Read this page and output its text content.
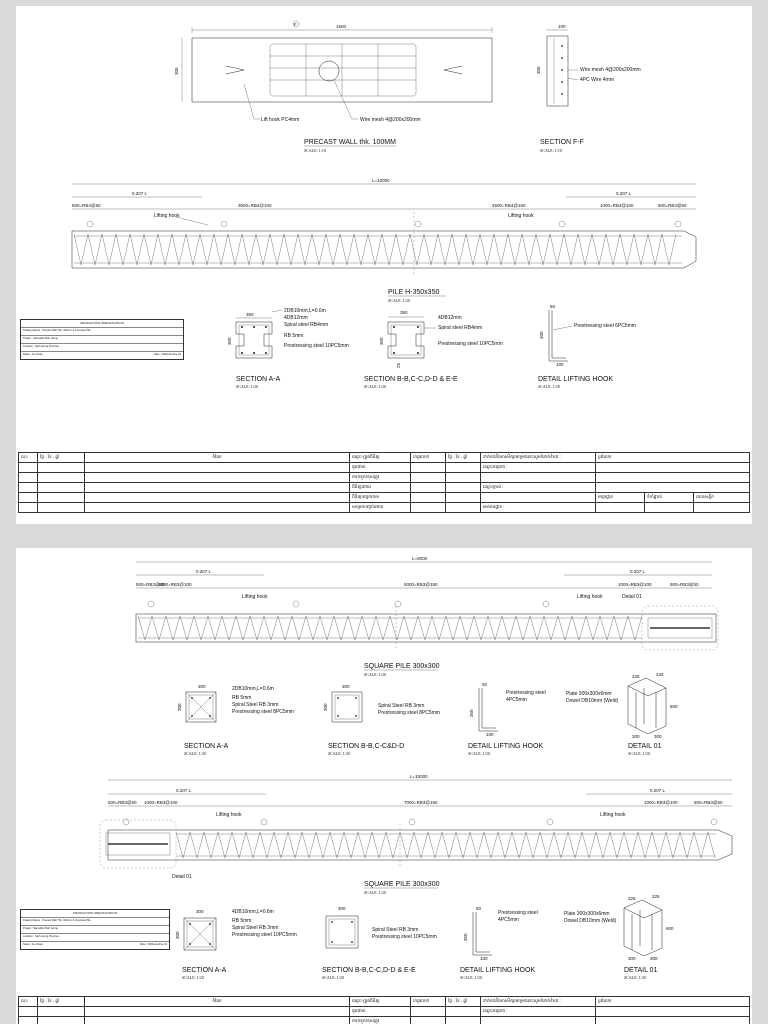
1500
F
300
Lift hook PC4mm	Wire mesh 4@200x200mm
PRECAST WALL thk. 100MM
SCALE: 1/10
100
300	Wire mesh 4@200x200mm
4PC Wire 4mm
SECTION F-F
SCALE: 1/10
L=10000
0.207 L	0.207 L
500=RB4@50	3500=RB4@100	4500=RB4@150	1000=RB4@100	500=RB4@50
Lifting hook	Lifting hook
PILE H-350x350
SCALE: 1/20
350
350
2DB10mm,L=0.6m
4DB12mm
Spiral steel RB4mm
RB 5mm
Prestressing steel 10PC5mm
SECTION A-A
SCALE: 1/20
350
350
25
4DB12mm
Spiral steel RB4mm
Prestressing steel 10PC5mm
SECTION B-B,C-C,D-D & E-E
SCALE: 1/20
50
400
100
Prestressing steel 6PC5mm
DETAIL LIFTING HOOK
SCALE: 1/20
PRODUCTION SPECIFICATION
Drawing Name : Precast Wall Thk. 100mm & Concrete Pile
Project : Stanstiltor Boh Horng
Location : Sarh Horng Province
Notes : As shown	Date : 06/Decembre-19
ល.រ	ថ្ងៃ . ខែ . ឆ្នាំ	កំណែ	ឈ្មោះ-ត្រួតពិនិត្យ	ហត្ថលេខា	ថ្ងៃ . ខែ . ឆ្នាំ	ទាក់ទងនឹងការសិក្សាគម្រោងនេះសូមទំនាក់ទំនង :	ប្លង់លេខ		
			គូរដោយ			ឈ្មោះគម្រោង :			
			ការទទួលខុសត្រូវ						
			ពិនិត្យដោយ			ឈ្មោះម្ចាស់ :			
			ពិនិត្យបច្ចេកទេស				មាត្រដ្ឋាន	ទំហំផ្ទាល់	លេខសន្លឹក
			សម្រេចបញ្ចប់ដោយ			អាសយដ្ឋាន :			
L=8000
0.207 L	0.207 L
500=RB3@50
1000=RB3@100	5000=RB3@150	1000=RB3@100	500=RB3@50
Lifting hook	Lifting hook	Detail 01
SQUARE PILE 300x300
SCALE: 1/20
300
300
2DB10mm,L=0.6m
RB 5mm
Spiral Steel RB 3mm
Prestressing steel 8PC5mm
SECTION A-A
SCALE: 1/20
300
300	Spiral Steel RB 3mm
Prestressing steel 8PC5mm
SECTION B-B,C-C&D-D
SCALE: 1/20
50
350
100
Prestressing steel
4PC5mm
DETAIL LIFTING HOOK
SCALE: 1/20
Plate 300x300x6mm
Dowel DB10mm (Weld)
225	225
600
300	300
DETAIL 01
SCALE: 1/20
L=10000
0.207 L	0.207 L
500=RB3@50 1000=RB3@100	7000=RB3@150	1000=RB3@100	500=RB3@50
Lifting hook	Lifting hook
Detail 01
SQUARE PILE 300x300
SCALE: 1/20
300
300
4DB10mm,L=0.6m
RB 5mm
Spiral Steel RB 3mm
Prestressing steel 10PC5mm
SECTION A-A
SCALE: 1/20
300
Spiral Steel RB 3mm
Prestressing steel 10PC5mm
SECTION B-B,C-C,D-D & E-E
SCALE: 1/20
50
350
100
Prestressing steel
4PC5mm
DETAIL LIFTING HOOK
SCALE: 1/20
Plate 300x300x6mm
Dowel DB10mm (Weld)
225	225
600
300	300
DETAIL 01
SCALE: 1/20
PRODUCTION SPECIFICATION
Drawing Name : Precast Wall Thk. 100mm & Concrete Pile
Project : Stanstiltor Boh Horng
Location : Sarh Horng Province
Notes : As shown	Date : 06/Decembre-19
ល.រ	ថ្ងៃ . ខែ . ឆ្នាំ	កំណែ	ឈ្មោះ-ត្រួតពិនិត្យ	ហត្ថលេខា	ថ្ងៃ . ខែ . ឆ្នាំ	ទាក់ទងនឹងការសិក្សាគម្រោងនេះសូមទំនាក់ទំនង :	ប្លង់លេខ
			គូរដោយ			ឈ្មោះគម្រោង :	
			ការទទួលខុសត្រូវ				
